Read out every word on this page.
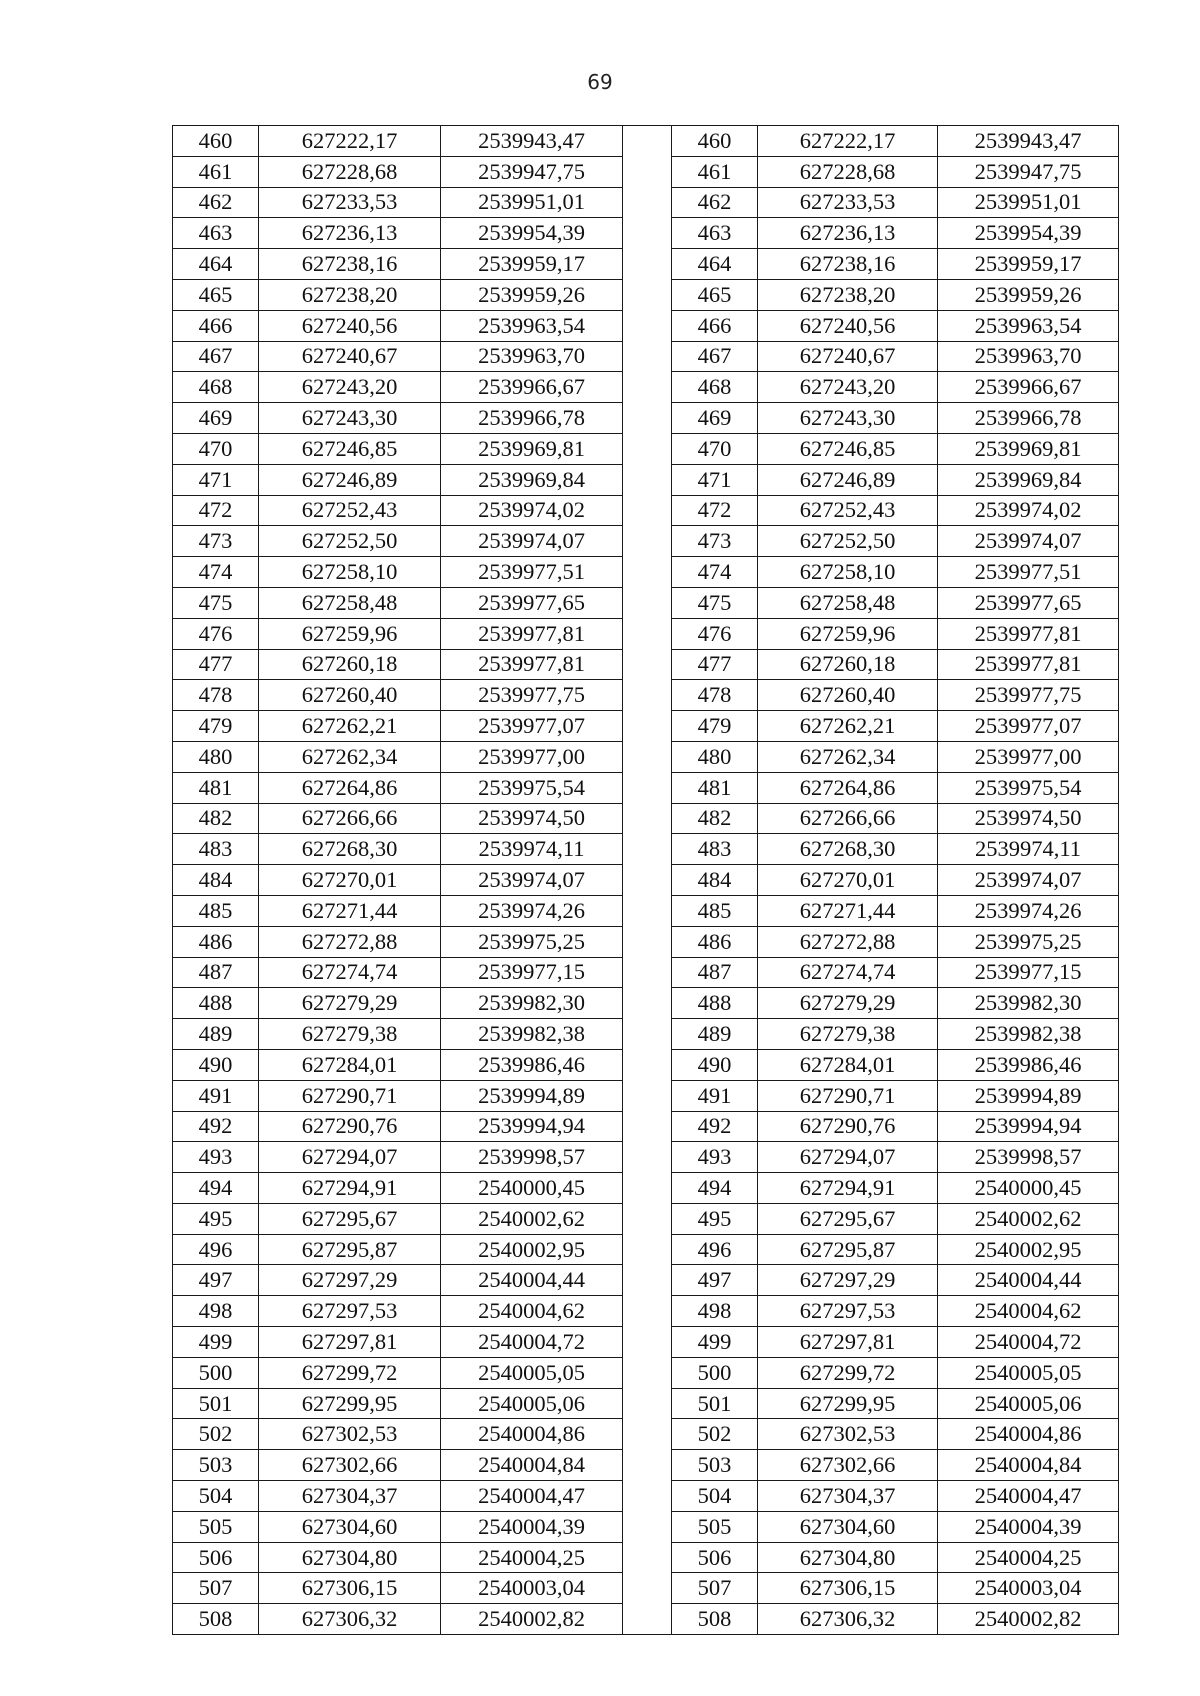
69
460	627222,17	2539943,47		460	627222,17	2539943,47
461	627228,68	2539947,75		461	627228,68	2539947,75
462	627233,53	2539951,01		462	627233,53	2539951,01
463	627236,13	2539954,39		463	627236,13	2539954,39
464	627238,16	2539959,17		464	627238,16	2539959,17
465	627238,20	2539959,26		465	627238,20	2539959,26
466	627240,56	2539963,54		466	627240,56	2539963,54
467	627240,67	2539963,70		467	627240,67	2539963,70
468	627243,20	2539966,67		468	627243,20	2539966,67
469	627243,30	2539966,78		469	627243,30	2539966,78
470	627246,85	2539969,81		470	627246,85	2539969,81
471	627246,89	2539969,84		471	627246,89	2539969,84
472	627252,43	2539974,02		472	627252,43	2539974,02
473	627252,50	2539974,07		473	627252,50	2539974,07
474	627258,10	2539977,51		474	627258,10	2539977,51
475	627258,48	2539977,65		475	627258,48	2539977,65
476	627259,96	2539977,81		476	627259,96	2539977,81
477	627260,18	2539977,81		477	627260,18	2539977,81
478	627260,40	2539977,75		478	627260,40	2539977,75
479	627262,21	2539977,07		479	627262,21	2539977,07
480	627262,34	2539977,00		480	627262,34	2539977,00
481	627264,86	2539975,54		481	627264,86	2539975,54
482	627266,66	2539974,50		482	627266,66	2539974,50
483	627268,30	2539974,11		483	627268,30	2539974,11
484	627270,01	2539974,07		484	627270,01	2539974,07
485	627271,44	2539974,26		485	627271,44	2539974,26
486	627272,88	2539975,25		486	627272,88	2539975,25
487	627274,74	2539977,15		487	627274,74	2539977,15
488	627279,29	2539982,30		488	627279,29	2539982,30
489	627279,38	2539982,38		489	627279,38	2539982,38
490	627284,01	2539986,46		490	627284,01	2539986,46
491	627290,71	2539994,89		491	627290,71	2539994,89
492	627290,76	2539994,94		492	627290,76	2539994,94
493	627294,07	2539998,57		493	627294,07	2539998,57
494	627294,91	2540000,45		494	627294,91	2540000,45
495	627295,67	2540002,62		495	627295,67	2540002,62
496	627295,87	2540002,95		496	627295,87	2540002,95
497	627297,29	2540004,44		497	627297,29	2540004,44
498	627297,53	2540004,62		498	627297,53	2540004,62
499	627297,81	2540004,72		499	627297,81	2540004,72
500	627299,72	2540005,05		500	627299,72	2540005,05
501	627299,95	2540005,06		501	627299,95	2540005,06
502	627302,53	2540004,86		502	627302,53	2540004,86
503	627302,66	2540004,84		503	627302,66	2540004,84
504	627304,37	2540004,47		504	627304,37	2540004,47
505	627304,60	2540004,39		505	627304,60	2540004,39
506	627304,80	2540004,25		506	627304,80	2540004,25
507	627306,15	2540003,04		507	627306,15	2540003,04
508	627306,32	2540002,82		508	627306,32	2540002,82
